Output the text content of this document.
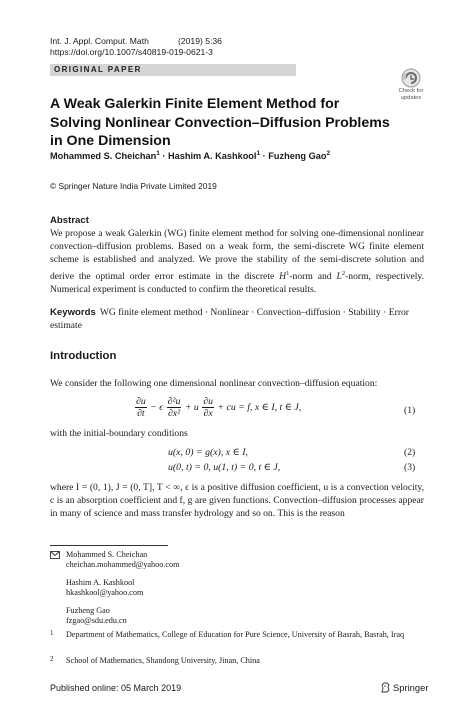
Int. J. Appl. Comput. Math	(2019) 5:36
https://doi.org/10.1007/s40819-019-0621-3
ORIGINAL PAPER
Check for
updates
A Weak Galerkin Finite Element Method for Solving Nonlinear Convection–Diffusion Problems in One Dimension
Mohammed S. Cheichan$^1$ · Hashim A. Kashkool$^1$ · Fuzheng Gao$^2$
© Springer Nature India Private Limited 2019
Abstract
We propose a weak Galerkin (WG) finite element method for solving one-dimensional nonlinear convection–diffusion problems. Based on a weak form, the semi-discrete WG finite element scheme is established and analyzed. We prove the stability of the semi-discrete solution and derive the optimal order error estimate in the discrete $H^1$-norm and $L^2$-norm, respectively. Numerical experiment is conducted to confirm the theoretical results.
Keywords WG finite element method · Nonlinear · Convection–diffusion · Stability · Error estimate
Introduction
We consider the following one dimensional nonlinear convection–diffusion equation:
$\frac{\partial u}{\partial t} - \epsilon \frac{\text{∂²u}}{\text{∂x²}} + u \frac{\partial u}{\partial x}$ + cu = f, x ∈ I, t ∈ J,	(1)
with the initial-boundary conditions
u(x, 0) = g(x), x ∈ I,	(2)
u(0, t) = 0, u(1, t) = 0, t ∈ J,	(3)
where I = (0, 1), J = (0, T], T < ∞, ϵ is a positive diffusion coefficient, u is a convection velocity, c is an absorption coefficient and f, g are given functions. Convection–diffusion processes appear in many of science and mass transfer hydrology and so on. This is the reason
Mohammed S. Cheichan
cheichan.mohammed@yahoo.com
Hashim A. Kashkool
hkashkool@yahoo.com
Fuzheng Gao
fzgao@sdu.edu.cn
1 Department of Mathematics, College of Education for Pure Science, University of Basrah, Basrah, Iraq
2 School of Mathematics, Shandong University, Jinan, China
Published online: 05 March 2019	Springer
